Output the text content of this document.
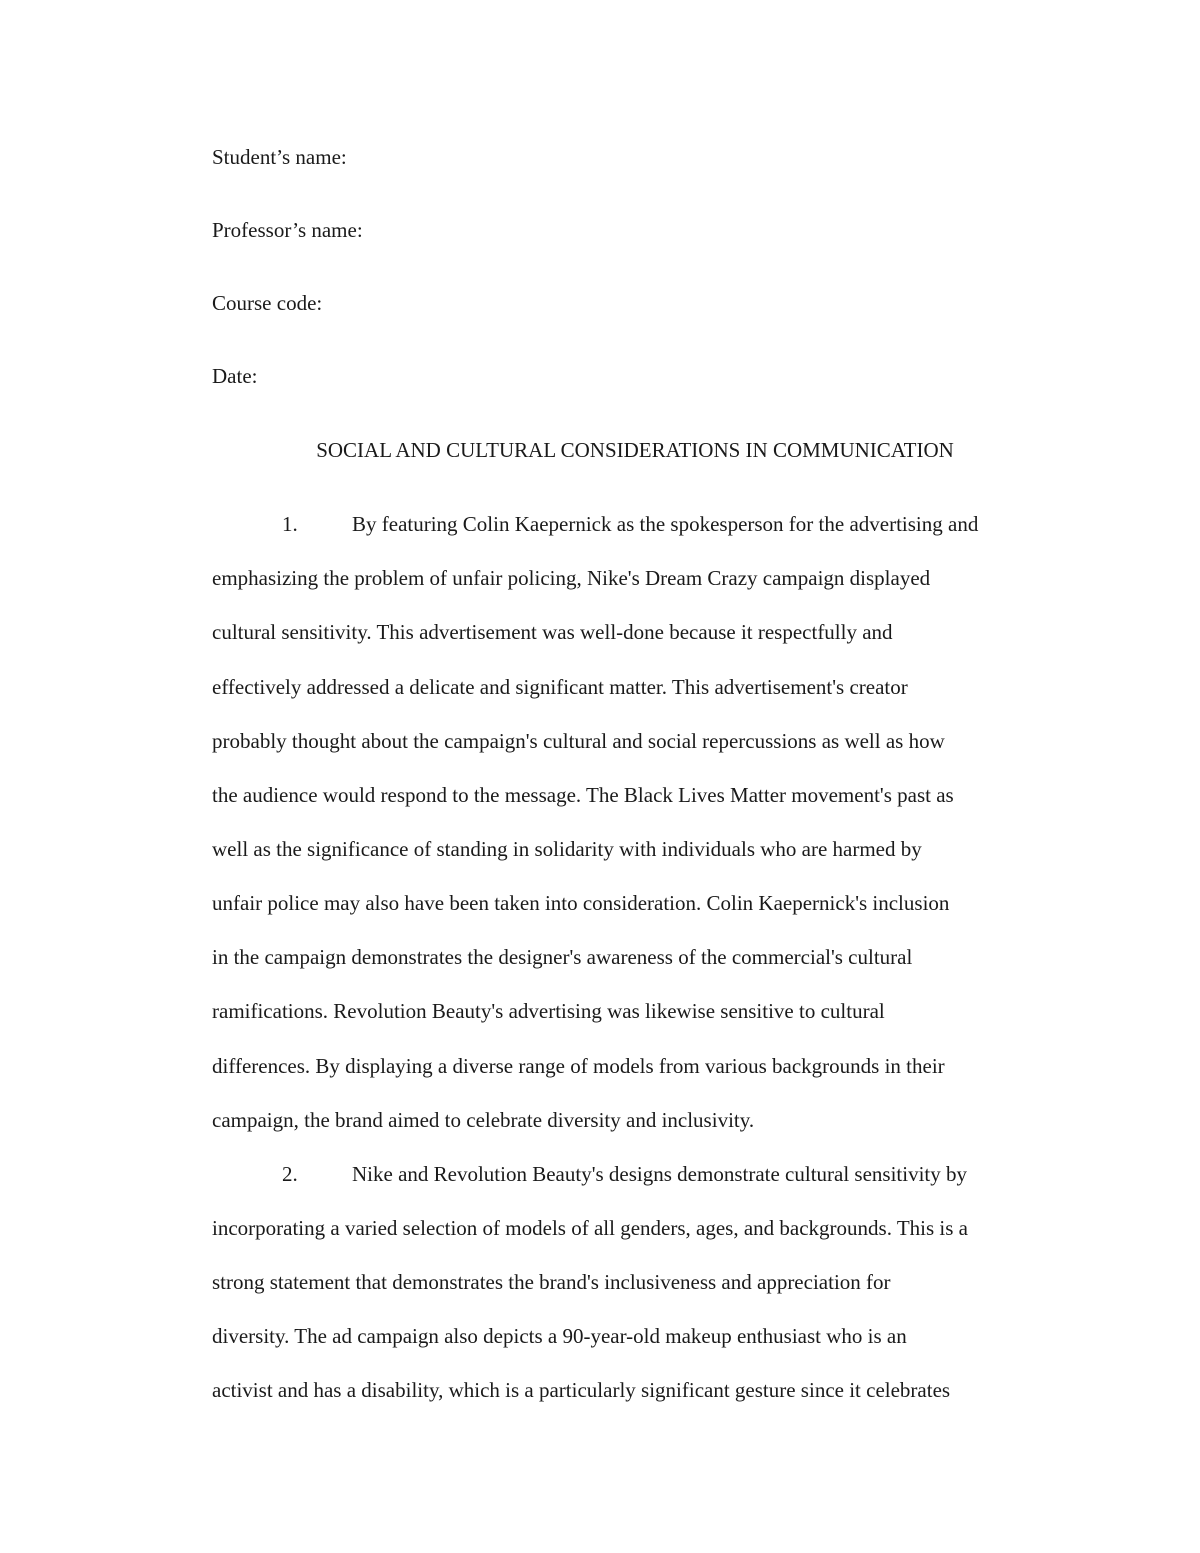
Student’s name:
Professor’s name:
Course code:
Date:
SOCIAL AND CULTURAL CONSIDERATIONS IN COMMUNICATION
1.	By featuring Colin Kaepernick as the spokesperson for the advertising and
emphasizing the problem of unfair policing, Nike's Dream Crazy campaign displayed
cultural sensitivity. This advertisement was well-done because it respectfully and
effectively addressed a delicate and significant matter. This advertisement's creator
probably thought about the campaign's cultural and social repercussions as well as how
the audience would respond to the message. The Black Lives Matter movement's past as
well as the significance of standing in solidarity with individuals who are harmed by
unfair police may also have been taken into consideration. Colin Kaepernick's inclusion
in the campaign demonstrates the designer's awareness of the commercial's cultural
ramifications. Revolution Beauty's advertising was likewise sensitive to cultural
differences. By displaying a diverse range of models from various backgrounds in their
campaign, the brand aimed to celebrate diversity and inclusivity.
2.	Nike and Revolution Beauty's designs demonstrate cultural sensitivity by
incorporating a varied selection of models of all genders, ages, and backgrounds. This is a
strong statement that demonstrates the brand's inclusiveness and appreciation for
diversity. The ad campaign also depicts a 90-year-old makeup enthusiast who is an
activist and has a disability, which is a particularly significant gesture since it celebrates
